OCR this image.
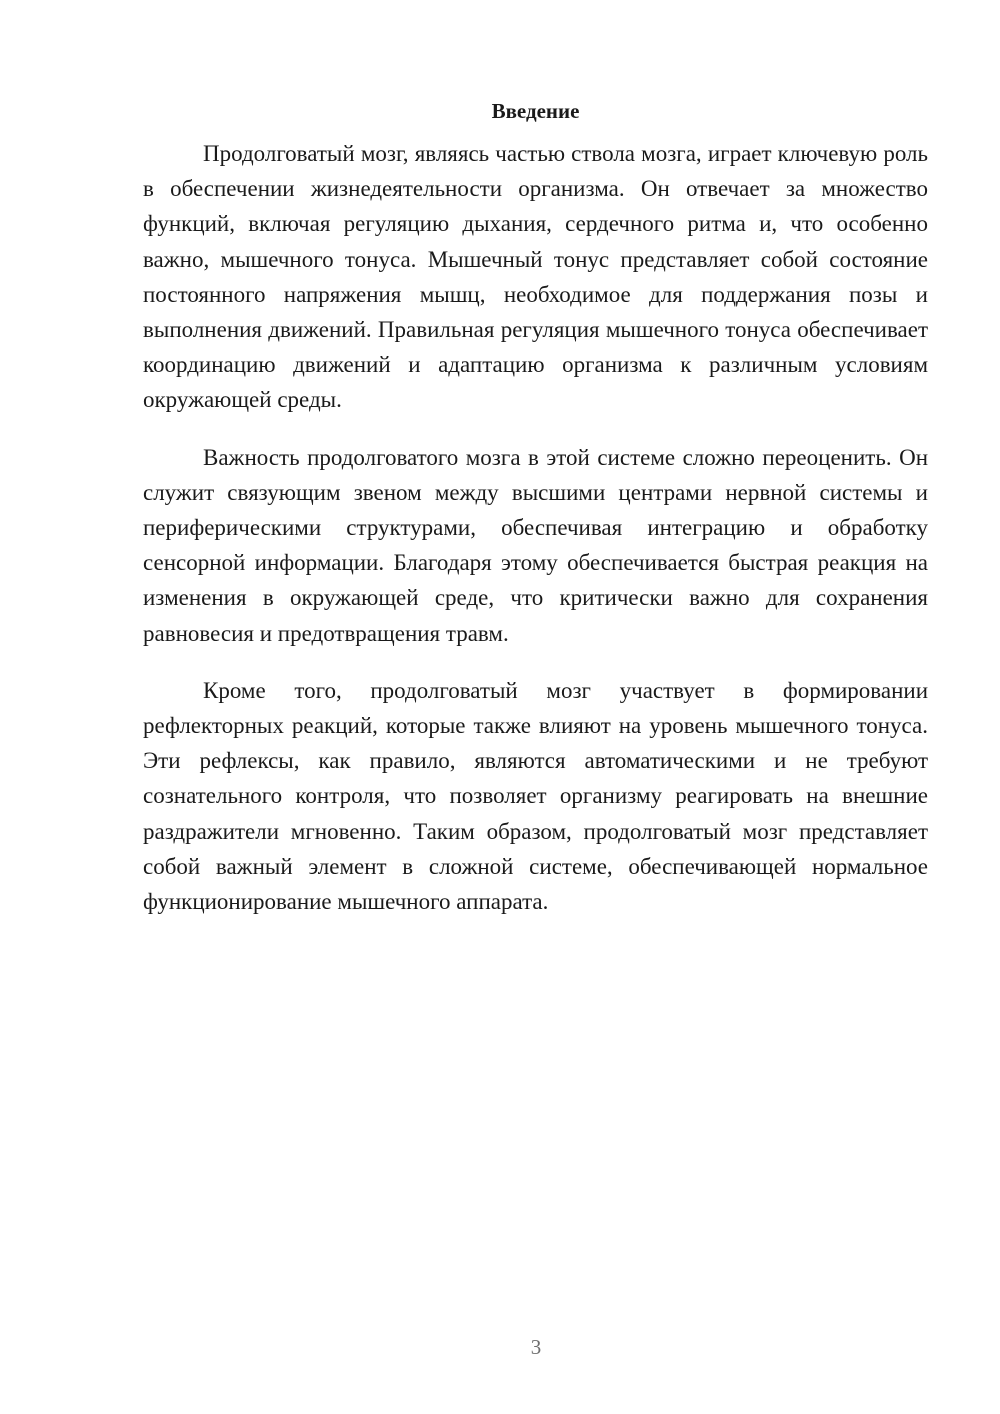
Введение

Продолговатый мозг, являясь частью ствола мозга, играет ключевую роль в обеспечении жизнедеятельности организма. Он отвечает за множество функций, включая регуляцию дыхания, сердечного ритма и, что особенно важно, мышечного тонуса. Мышечный тонус представляет собой состояние постоянного напряжения мышц, необходимое для поддержания позы и выполнения движений. Правильная регуляция мышечного тонуса обеспечивает координацию движений и адаптацию организма к различным условиям окружающей среды.

Важность продолговатого мозга в этой системе сложно переоценить. Он служит связующим звеном между высшими центрами нервной системы и периферическими структурами, обеспечивая интеграцию и обработку сенсорной информации. Благодаря этому обеспечивается быстрая реакция на изменения в окружающей среде, что критически важно для сохранения равновесия и предотвращения травм.

Кроме того, продолговатый мозг участвует в формировании рефлекторных реакций, которые также влияют на уровень мышечного тонуса. Эти рефлексы, как правило, являются автоматическими и не требуют сознательного контроля, что позволяет организму реагировать на внешние раздражители мгновенно. Таким образом, продолговатый мозг представляет собой важный элемент в сложной системе, обеспечивающей нормальное функционирование мышечного аппарата.

3
